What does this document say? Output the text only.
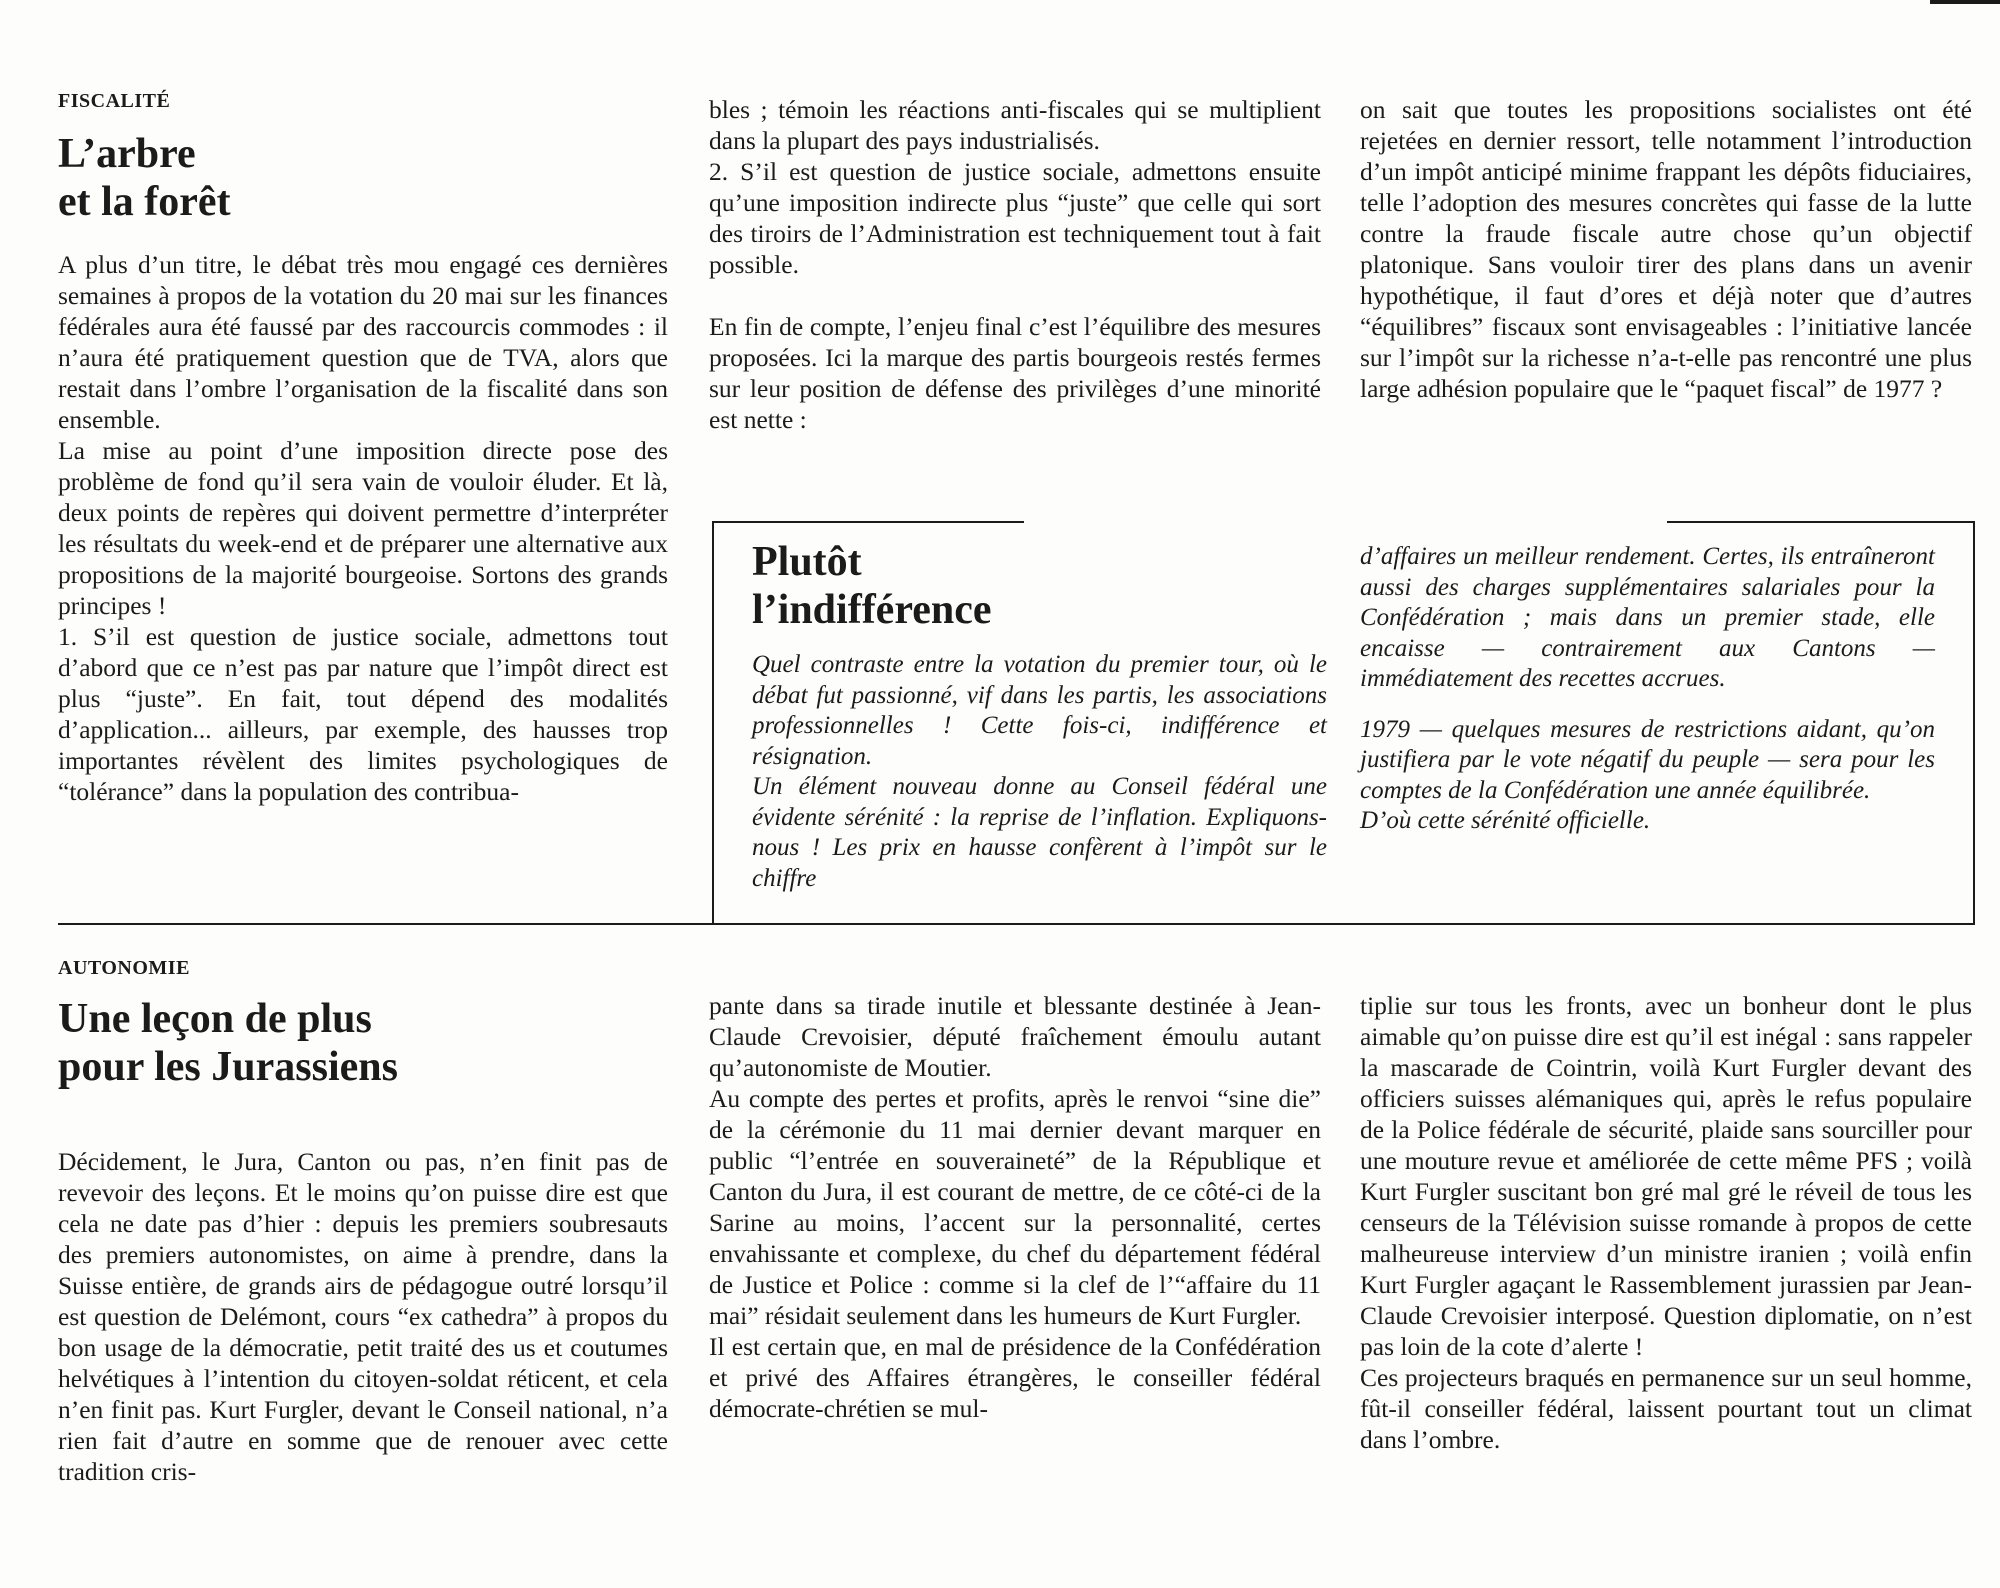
FISCALITÉ
L’arbre
et la forêt

A plus d’un titre, le débat très mou engagé ces dernières semaines à propos de la votation du 20 mai sur les finances fédérales aura été faussé par des raccourcis commodes : il n’aura été pratiquement question que de TVA, alors que restait dans l’ombre l’organisation de la fiscalité dans son ensemble.

La mise au point d’une imposition directe pose des problème de fond qu’il sera vain de vouloir éluder. Et là, deux points de repères qui doivent permettre d’interpréter les résultats du week-end et de préparer une alternative aux propositions de la majorité bourgeoise. Sortons des grands principes !

1. S’il est question de justice sociale, admettons tout d’abord que ce n’est pas par nature que l’impôt direct est plus “juste”. En fait, tout dépend des modalités d’application... ailleurs, par exemple, des hausses trop importantes révèlent des limites psychologiques de “tolérance” dans la population des contribua-

bles ; témoin les réactions anti-fiscales qui se multiplient dans la plupart des pays industrialisés.

2. S’il est question de justice sociale, admettons ensuite qu’une imposition indirecte plus “juste” que celle qui sort des tiroirs de l’Administration est techniquement tout à fait possible.

En fin de compte, l’enjeu final c’est l’équilibre des mesures proposées. Ici la marque des partis bourgeois restés fermes sur leur position de défense des privilèges d’une minorité est nette :

on sait que toutes les propositions socialistes ont été rejetées en dernier ressort, telle notamment l’introduction d’un impôt anticipé minime frappant les dépôts fiduciaires, telle l’adoption des mesures concrètes qui fasse de la lutte contre la fraude fiscale autre chose qu’un objectif platonique. Sans vouloir tirer des plans dans un avenir hypothétique, il faut d’ores et déjà noter que d’autres “équilibres” fiscaux sont envisageables : l’initiative lancée sur l’impôt sur la richesse n’a-t-elle pas rencontré une plus large adhésion populaire que le “paquet fiscal” de 1977 ?

Plutôt
l’indifférence

Quel contraste entre la votation du premier tour, où le débat fut passionné, vif dans les partis, les associations professionnelles ! Cette fois-ci, indifférence et résignation.

Un élément nouveau donne au Conseil fédéral une évidente sérénité : la reprise de l’inflation. Expliquons-nous ! Les prix en hausse confèrent à l’impôt sur le chiffre

d’affaires un meilleur rendement. Certes, ils entraîneront aussi des charges supplémentaires salariales pour la Confédération ; mais dans un premier stade, elle encaisse — contrairement aux Cantons — immédiatement des recettes accrues.

1979 — quelques mesures de restrictions aidant, qu’on justifiera par le vote négatif du peuple — sera pour les comptes de la Confédération une année équilibrée.

D’où cette sérénité officielle.

AUTONOMIE
Une leçon de plus
pour les Jurassiens

Décidement, le Jura, Canton ou pas, n’en finit pas de revevoir des leçons. Et le moins qu’on puisse dire est que cela ne date pas d’hier : depuis les premiers soubresauts des premiers autonomistes, on aime à prendre, dans la Suisse entière, de grands airs de pédagogue outré lorsqu’il est question de Delémont, cours “ex cathedra” à propos du bon usage de la démocratie, petit traité des us et coutumes helvétiques à l’intention du citoyen-soldat réticent, et cela n’en finit pas. Kurt Furgler, devant le Conseil national, n’a rien fait d’autre en somme que de renouer avec cette tradition cris-

pante dans sa tirade inutile et blessante destinée à Jean-Claude Crevoisier, député fraîchement émoulu autant qu’autonomiste de Moutier.

Au compte des pertes et profits, après le renvoi “sine die” de la cérémonie du 11 mai dernier devant marquer en public “l’entrée en souveraineté” de la République et Canton du Jura, il est courant de mettre, de ce côté-ci de la Sarine au moins, l’accent sur la personnalité, certes envahissante et complexe, du chef du département fédéral de Justice et Police : comme si la clef de l’“affaire du 11 mai” résidait seulement dans les humeurs de Kurt Furgler.

Il est certain que, en mal de présidence de la Confédération et privé des Affaires étrangères, le conseiller fédéral démocrate-chrétien se mul-

tiplie sur tous les fronts, avec un bonheur dont le plus aimable qu’on puisse dire est qu’il est inégal : sans rappeler la mascarade de Cointrin, voilà Kurt Furgler devant des officiers suisses alémaniques qui, après le refus populaire de la Police fédérale de sécurité, plaide sans sourciller pour une mouture revue et améliorée de cette même PFS ; voilà Kurt Furgler suscitant bon gré mal gré le réveil de tous les censeurs de la Télévision suisse romande à propos de cette malheureuse interview d’un ministre iranien ; voilà enfin Kurt Furgler agaçant le Rassemblement jurassien par Jean-Claude Crevoisier interposé. Question diplomatie, on n’est pas loin de la cote d’alerte !

Ces projecteurs braqués en permanence sur un seul homme, fût-il conseiller fédéral, laissent pourtant tout un climat dans l’ombre.
